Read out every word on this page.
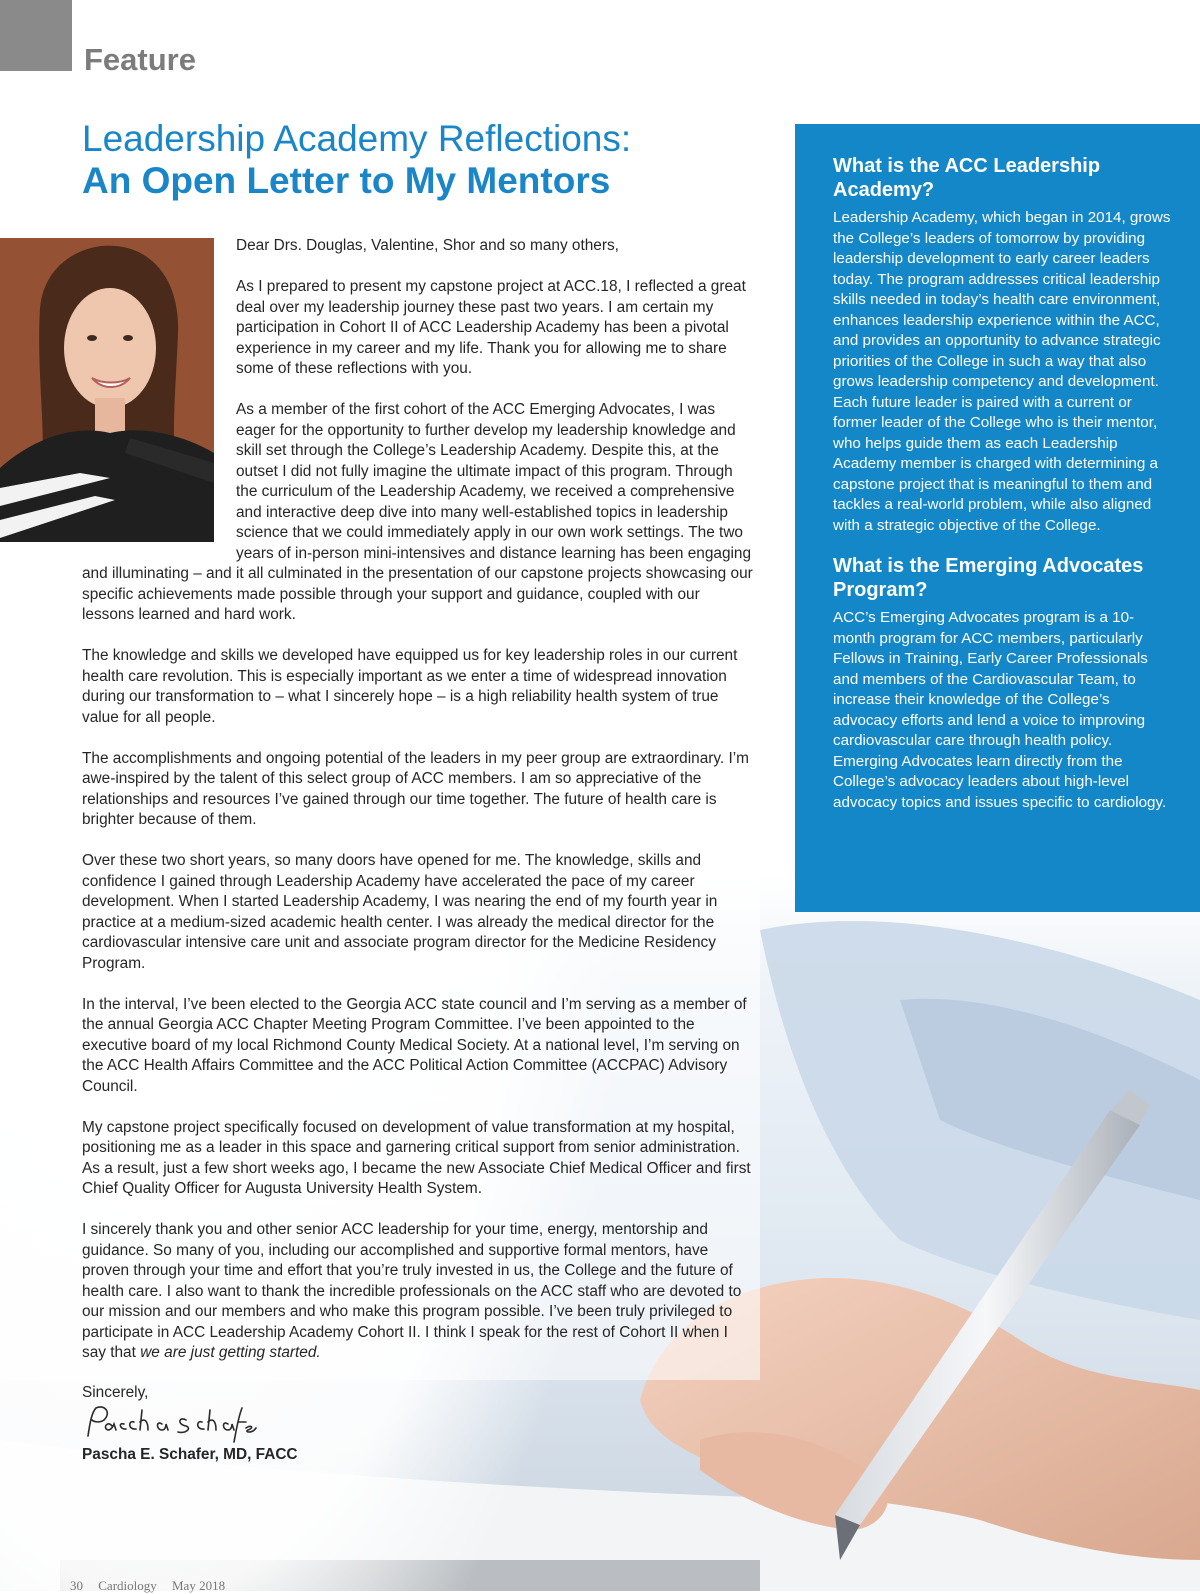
Feature
Leadership Academy Reflections:
An Open Letter to My Mentors

Dear Drs. Douglas, Valentine, Shor and so many others,

As I prepared to present my capstone project at ACC.18, I reflected a great deal over my leadership journey these past two years. I am certain my participation in Cohort II of ACC Leadership Academy has been a pivotal experience in my career and my life. Thank you for allowing me to share some of these reflections with you.

As a member of the first cohort of the ACC Emerging Advocates, I was eager for the opportunity to further develop my leadership knowledge and skill set through the College’s Leadership Academy. Despite this, at the outset I did not fully imagine the ultimate impact of this program. Through the curriculum of the Leadership Academy, we received a comprehensive and interactive deep dive into many well-established topics in leadership science that we could immediately apply in our own work settings. The two years of in-person mini-intensives and distance learning has been engaging and illuminating – and it all culminated in the presentation of our capstone projects showcasing our specific achievements made possible through your support and guidance, coupled with our lessons learned and hard work.

The knowledge and skills we developed have equipped us for key leadership roles in our current health care revolution. This is especially important as we enter a time of widespread innovation during our transformation to – what I sincerely hope – is a high reliability health system of true value for all people.

The accomplishments and ongoing potential of the leaders in my peer group are extraordinary. I’m awe-inspired by the talent of this select group of ACC members. I am so appreciative of the relationships and resources I’ve gained through our time together. The future of health care is brighter because of them.

Over these two short years, so many doors have opened for me. The knowledge, skills and confidence I gained through Leadership Academy have accelerated the pace of my career development. When I started Leadership Academy, I was nearing the end of my fourth year in practice at a medium-sized academic health center. I was already the medical director for the cardiovascular intensive care unit and associate program director for the Medicine Residency Program.

In the interval, I’ve been elected to the Georgia ACC state council and I’m serving as a member of the annual Georgia ACC Chapter Meeting Program Committee. I’ve been appointed to the executive board of my local Richmond County Medical Society. At a national level, I’m serving on the ACC Health Affairs Committee and the ACC Political Action Committee (ACCPAC) Advisory Council.

My capstone project specifically focused on development of value transformation at my hospital, positioning me as a leader in this space and garnering critical support from senior administration. As a result, just a few short weeks ago, I became the new Associate Chief Medical Officer and first Chief Quality Officer for Augusta University Health System.

I sincerely thank you and other senior ACC leadership for your time, energy, mentorship and guidance. So many of you, including our accomplished and supportive formal mentors, have proven through your time and effort that you’re truly invested in us, the College and the future of health care. I also want to thank the incredible professionals on the ACC staff who are devoted to our mission and our members and who make this program possible. I’ve been truly privileged to participate in ACC Leadership Academy Cohort II. I think I speak for the rest of Cohort II when I say that we are just getting started.

Sincerely,
Pascha E. Schafer, MD, FACC
What is the ACC Leadership Academy?

Leadership Academy, which began in 2014, grows the College’s leaders of tomorrow by providing leadership development to early career leaders today. The program addresses critical leadership skills needed in today’s health care environment, enhances leadership experience within the ACC, and provides an opportunity to advance strategic priorities of the College in such a way that also grows leadership competency and development. Each future leader is paired with a current or former leader of the College who is their mentor, who helps guide them as each Leadership Academy member is charged with determining a capstone project that is meaningful to them and tackles a real-world problem, while also aligned with a strategic objective of the College.

What is the Emerging Advocates Program?

ACC’s Emerging Advocates program is a 10-month program for ACC members, particularly Fellows in Training, Early Career Professionals and members of the Cardiovascular Team, to increase their knowledge of the College’s advocacy efforts and lend a voice to improving cardiovascular care through health policy. Emerging Advocates learn directly from the College’s advocacy leaders about high-level advocacy topics and issues specific to cardiology.

30 Cardiology May 2018
